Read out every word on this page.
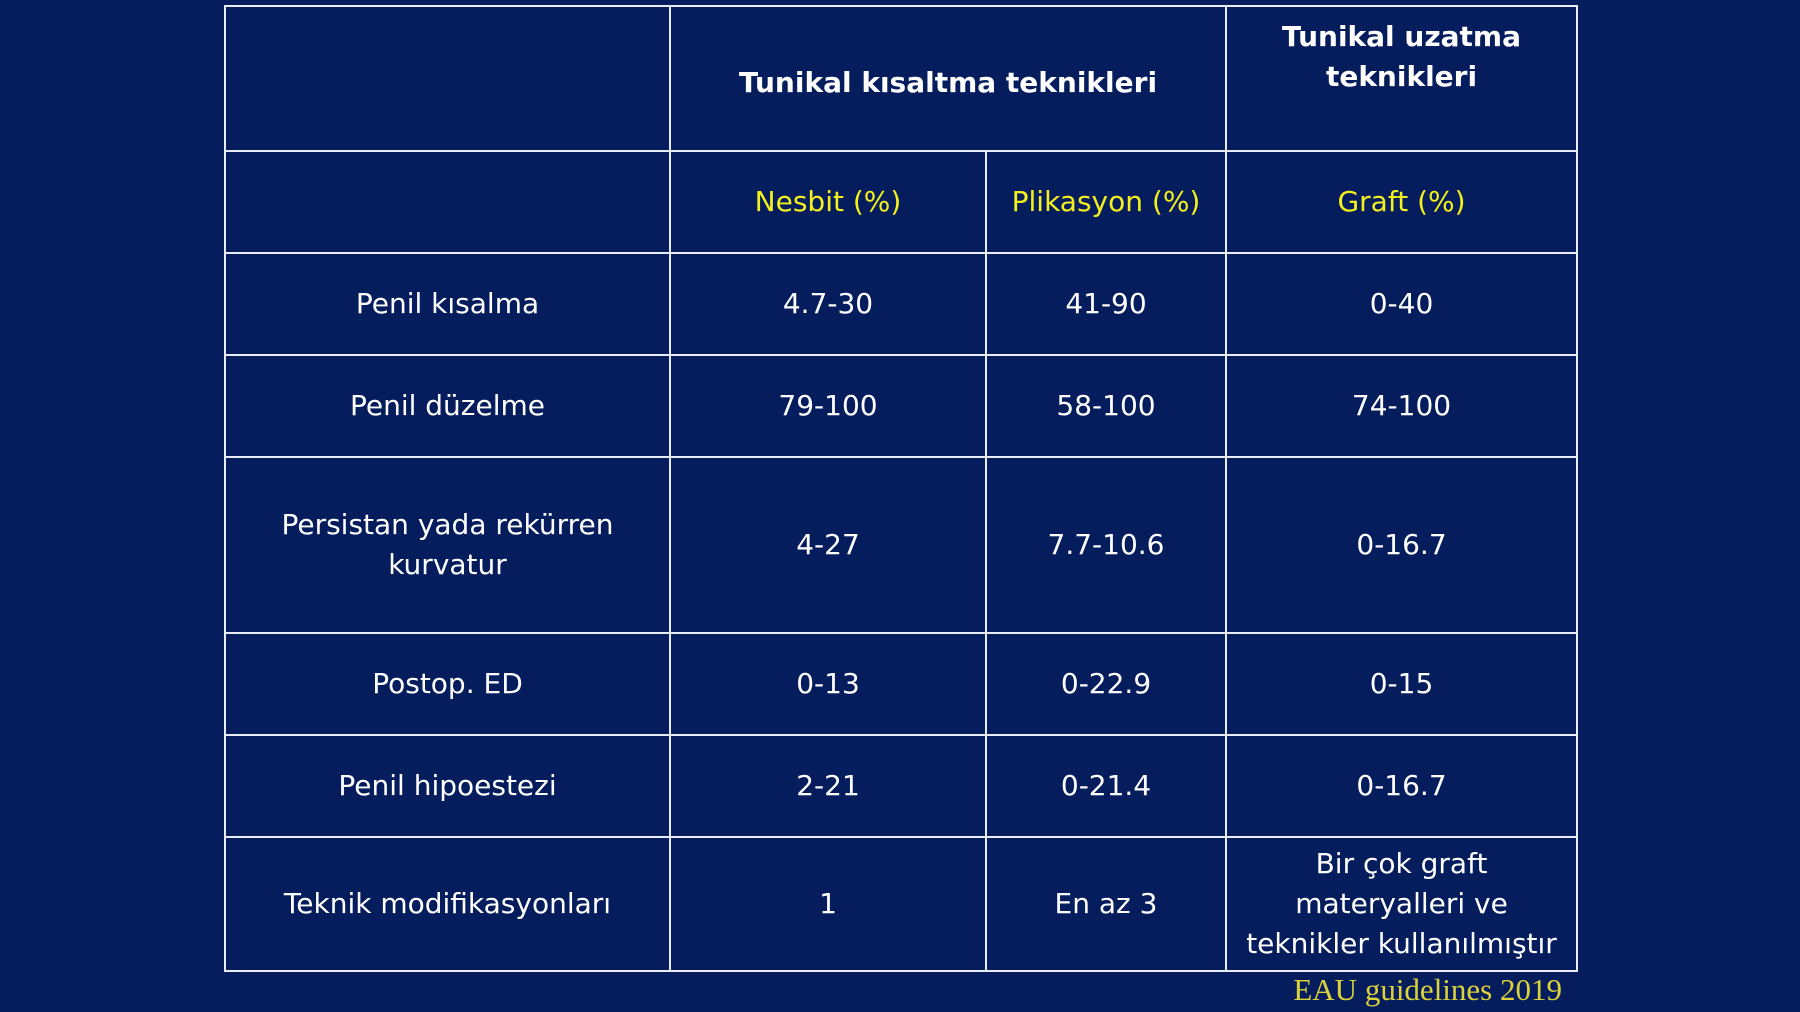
	Tunikal kısaltma teknikleri		Tunikal uzatma teknikleri
	Nesbit (%)	Plikasyon (%)	Graft (%)
Penil kısalma	4.7-30	41-90	0-40
Penil düzelme	79-100	58-100	74-100
Persistan yada rekürren kurvatur	4-27	7.7-10.6	0-16.7
Postop. ED	0-13	0-22.9	0-15
Penil hipoestezi	2-21	0-21.4	0-16.7
Teknik modifikasyonları	1	En az 3	Bir çok graft materyalleri ve teknikler kullanılmıştır
EAU guidelines 2019
